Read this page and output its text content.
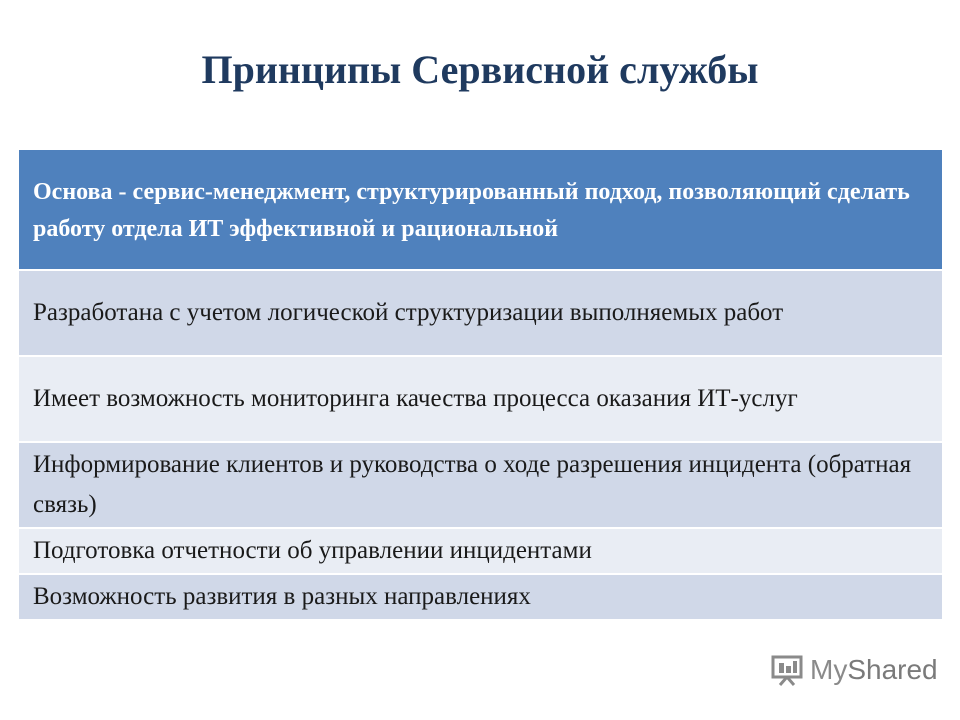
Принципы Сервисной службы
Основа - сервис-менеджмент, структурированный подход, позволяющий сделать работу отдела ИТ эффективной и рациональной
Разработана с учетом логической структуризации выполняемых работ
Имеет возможность мониторинга качества процесса оказания ИТ-услуг
Информирование клиентов и руководства о ходе разрешения инцидента (обратная связь)
Подготовка отчетности об управлении инцидентами
Возможность развития в разных направлениях
My Shared
